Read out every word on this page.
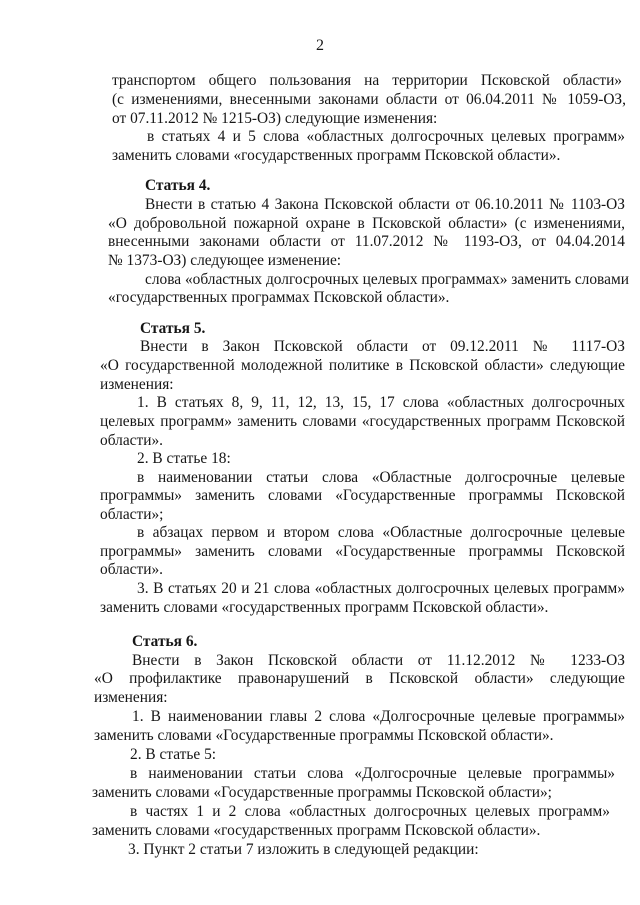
2
транспортом общего пользования на территории Псковской области»
(с изменениями, внесенными законами области от 06.04.2011 № 1059-ОЗ,
от 07.11.2012 № 1215-ОЗ) следующие изменения:
в статьях 4 и 5 слова «областных долгосрочных целевых программ»
заменить словами «государственных программ Псковской области».
Статья 4.
Внести в статью 4 Закона Псковской области от 06.10.2011 № 1103-ОЗ
«О добровольной пожарной охране в Псковской области» (с изменениями,
внесенными законами области от 11.07.2012 № 1193-ОЗ, от 04.04.2014
№ 1373-ОЗ) следующее изменение:
слова «областных долгосрочных целевых программах» заменить словами
«государственных программах Псковской области».
Статья 5.
Внести в Закон Псковской области от 09.12.2011 № 1117-ОЗ
«О государственной молодежной политике в Псковской области» следующие
изменения:
1. В статьях 8, 9, 11, 12, 13, 15, 17 слова «областных долгосрочных
целевых программ» заменить словами «государственных программ Псковской
области».
2. В статье 18:
в наименовании статьи слова «Областные долгосрочные целевые
программы» заменить словами «Государственные программы Псковской
области»;
в абзацах первом и втором слова «Областные долгосрочные целевые
программы» заменить словами «Государственные программы Псковской
области».
3. В статьях 20 и 21 слова «областных долгосрочных целевых программ»
заменить словами «государственных программ Псковской области».
Статья 6.
Внести в Закон Псковской области от 11.12.2012 № 1233-ОЗ
«О профилактике правонарушений в Псковской области» следующие
изменения:
1. В наименовании главы 2 слова «Долгосрочные целевые программы»
заменить словами «Государственные программы Псковской области».
2. В статье 5:
в наименовании статьи слова «Долгосрочные целевые программы»
заменить словами «Государственные программы Псковской области»;
в частях 1 и 2 слова «областных долгосрочных целевых программ»
заменить словами «государственных программ Псковской области».
3. Пункт 2 статьи 7 изложить в следующей редакции:
